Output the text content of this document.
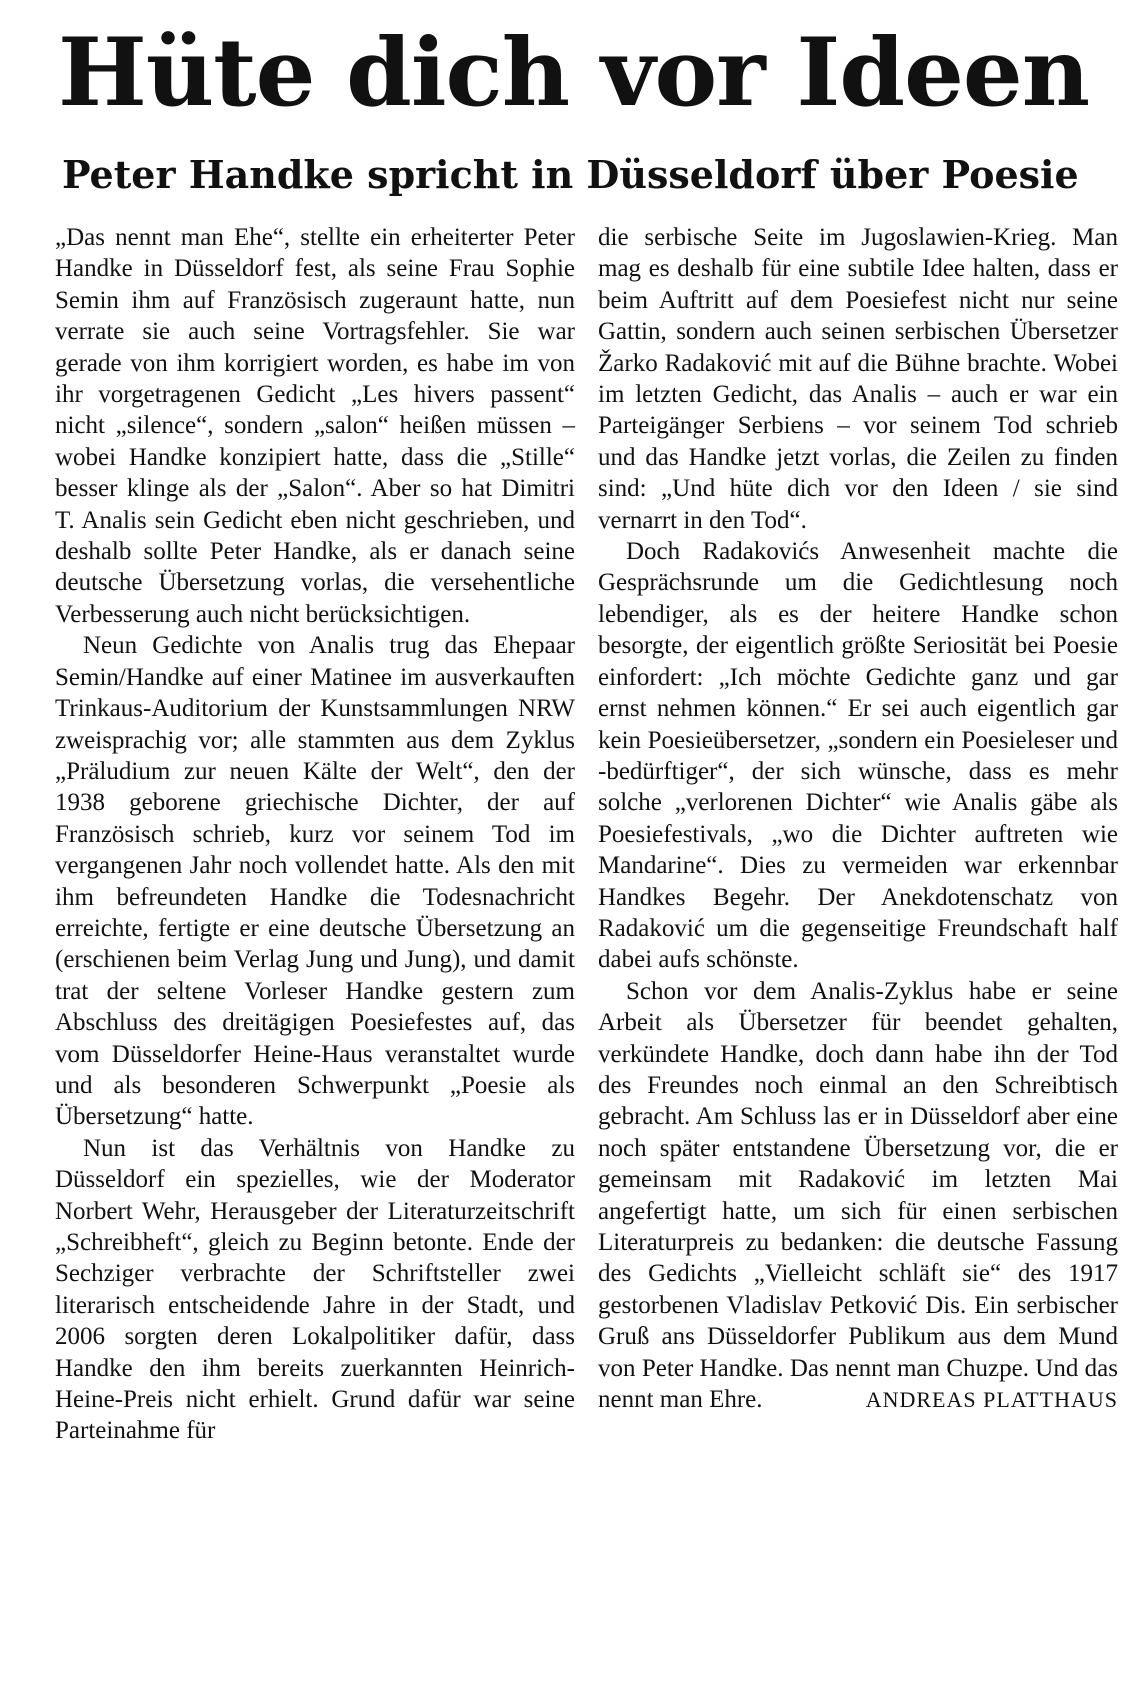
Hüte dich vor Ideen
Peter Handke spricht in Düsseldorf über Poesie

„Das nennt man Ehe“, stellte ein erheiterter Peter Handke in Düsseldorf fest, als seine Frau Sophie Semin ihm auf Französisch zugeraunt hatte, nun verrate sie auch seine Vortragsfehler. Sie war gerade von ihm korrigiert worden, es habe im von ihr vorgetragenen Gedicht „Les hivers passent“ nicht „silence“, sondern „salon“ heißen müssen – wobei Handke konzipiert hatte, dass die „Stille“ besser klinge als der „Salon“. Aber so hat Dimitri T. Analis sein Gedicht eben nicht geschrieben, und deshalb sollte Peter Handke, als er danach seine deutsche Übersetzung vorlas, die versehentliche Verbesserung auch nicht berücksichtigen.

Neun Gedichte von Analis trug das Ehepaar Semin/Handke auf einer Matinee im ausverkauften Trinkaus-Auditorium der Kunstsammlungen NRW zweisprachig vor; alle stammten aus dem Zyklus „Präludium zur neuen Kälte der Welt“, den der 1938 geborene griechische Dichter, der auf Französisch schrieb, kurz vor seinem Tod im vergangenen Jahr noch vollendet hatte. Als den mit ihm befreundeten Handke die Todesnachricht erreichte, fertigte er eine deutsche Übersetzung an (erschienen beim Verlag Jung und Jung), und damit trat der seltene Vorleser Handke gestern zum Abschluss des dreitägigen Poesiefestes auf, das vom Düsseldorfer Heine-Haus veranstaltet wurde und als besonderen Schwerpunkt „Poesie als Übersetzung“ hatte.

Nun ist das Verhältnis von Handke zu Düsseldorf ein spezielles, wie der Moderator Norbert Wehr, Herausgeber der Literaturzeitschrift „Schreibheft“, gleich zu Beginn betonte. Ende der Sechziger verbrachte der Schriftsteller zwei literarisch entscheidende Jahre in der Stadt, und 2006 sorgten deren Lokalpolitiker dafür, dass Handke den ihm bereits zuerkannten Heinrich-Heine-Preis nicht erhielt. Grund dafür war seine Parteinahme für

die serbische Seite im Jugoslawien-Krieg. Man mag es deshalb für eine subtile Idee halten, dass er beim Auftritt auf dem Poesiefest nicht nur seine Gattin, sondern auch seinen serbischen Übersetzer Žarko Radaković mit auf die Bühne brachte. Wobei im letzten Gedicht, das Analis – auch er war ein Parteigänger Serbiens – vor seinem Tod schrieb und das Handke jetzt vorlas, die Zeilen zu finden sind: „Und hüte dich vor den Ideen / sie sind vernarrt in den Tod“.

Doch Radakovićs Anwesenheit machte die Gesprächsrunde um die Gedichtlesung noch lebendiger, als es der heitere Handke schon besorgte, der eigentlich größte Seriosität bei Poesie einfordert: „Ich möchte Gedichte ganz und gar ernst nehmen können.“ Er sei auch eigentlich gar kein Poesieübersetzer, „sondern ein Poesieleser und -bedürftiger“, der sich wünsche, dass es mehr solche „verlorenen Dichter“ wie Analis gäbe als Poesiefestivals, „wo die Dichter auftreten wie Mandarine“. Dies zu vermeiden war erkennbar Handkes Begehr. Der Anekdotenschatz von Radaković um die gegenseitige Freundschaft half dabei aufs schönste.

Schon vor dem Analis-Zyklus habe er seine Arbeit als Übersetzer für beendet gehalten, verkündete Handke, doch dann habe ihn der Tod des Freundes noch einmal an den Schreibtisch gebracht. Am Schluss las er in Düsseldorf aber eine noch später entstandene Übersetzung vor, die er gemeinsam mit Radaković im letzten Mai angefertigt hatte, um sich für einen serbischen Literaturpreis zu bedanken: die deutsche Fassung des Gedichts „Vielleicht schläft sie“ des 1917 gestorbenen Vladislav Petković Dis. Ein serbischer Gruß ans Düsseldorfer Publikum aus dem Mund von Peter Handke. Das nennt man Chuzpe. Und das nennt man Ehre.	ANDREAS PLATTHAUS
